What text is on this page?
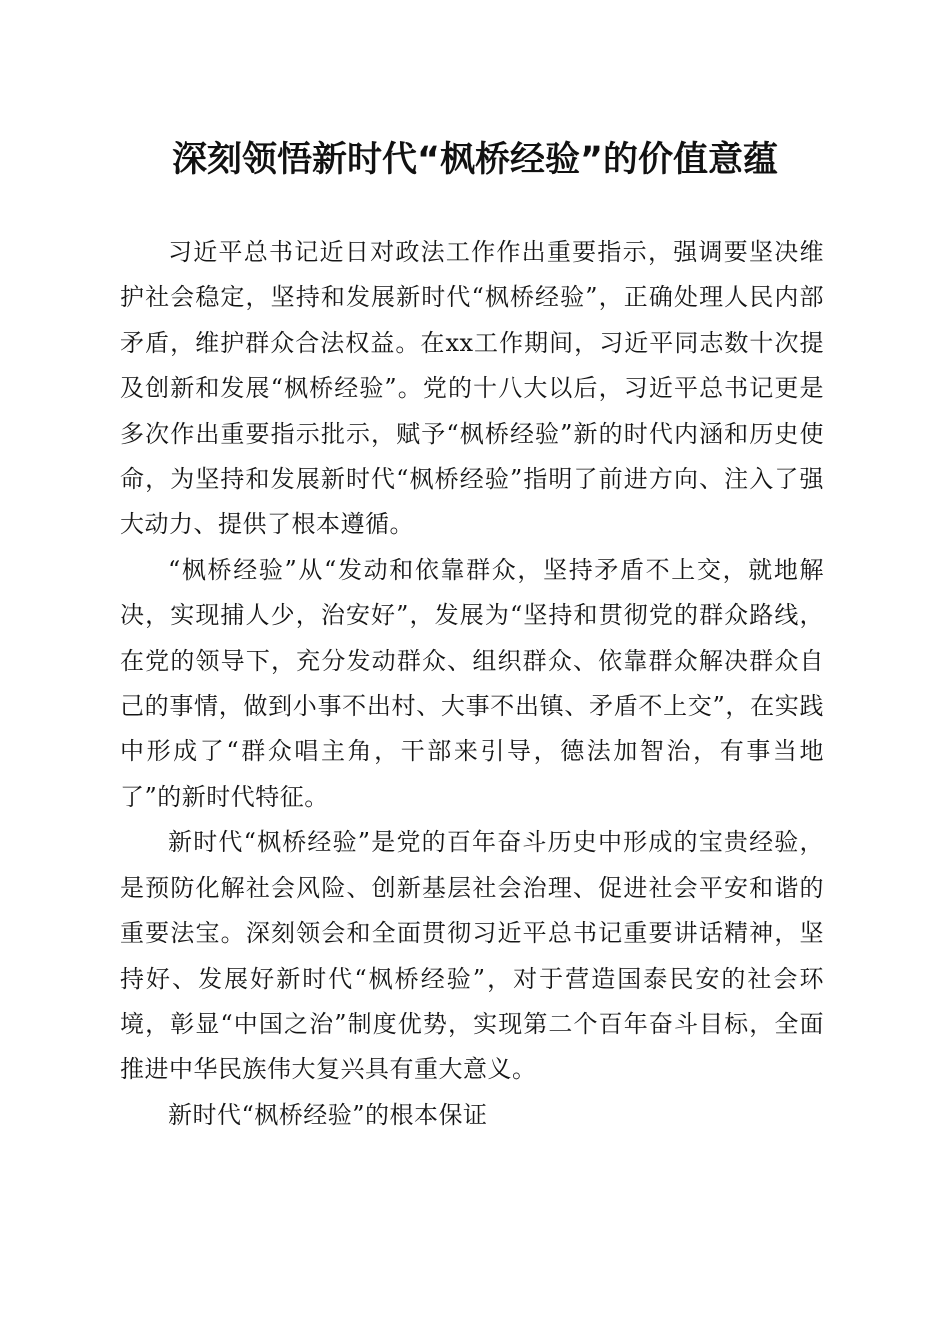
深刻领悟新时代“枫桥经验”的价值意蕴

习近平总书记近日对政法工作作出重要指示，强调要坚决维护社会稳定，坚持和发展新时代“枫桥经验”，正确处理人民内部矛盾，维护群众合法权益。在xx工作期间，习近平同志数十次提及创新和发展“枫桥经验”。党的十八大以后，习近平总书记更是多次作出重要指示批示，赋予“枫桥经验”新的时代内涵和历史使命，为坚持和发展新时代“枫桥经验”指明了前进方向、注入了强大动力、提供了根本遵循。

“枫桥经验”从“发动和依靠群众，坚持矛盾不上交，就地解决，实现捕人少，治安好”，发展为“坚持和贯彻党的群众路线，在党的领导下，充分发动群众、组织群众、依靠群众解决群众自己的事情，做到小事不出村、大事不出镇、矛盾不上交”，在实践中形成了“群众唱主角，干部来引导，德法加智治，有事当地了”的新时代特征。

新时代“枫桥经验”是党的百年奋斗历史中形成的宝贵经验，是预防化解社会风险、创新基层社会治理、促进社会平安和谐的重要法宝。深刻领会和全面贯彻习近平总书记重要讲话精神，坚持好、发展好新时代“枫桥经验”，对于营造国泰民安的社会环境，彰显“中国之治”制度优势，实现第二个百年奋斗目标，全面推进中华民族伟大复兴具有重大意义。

新时代“枫桥经验”的根本保证
